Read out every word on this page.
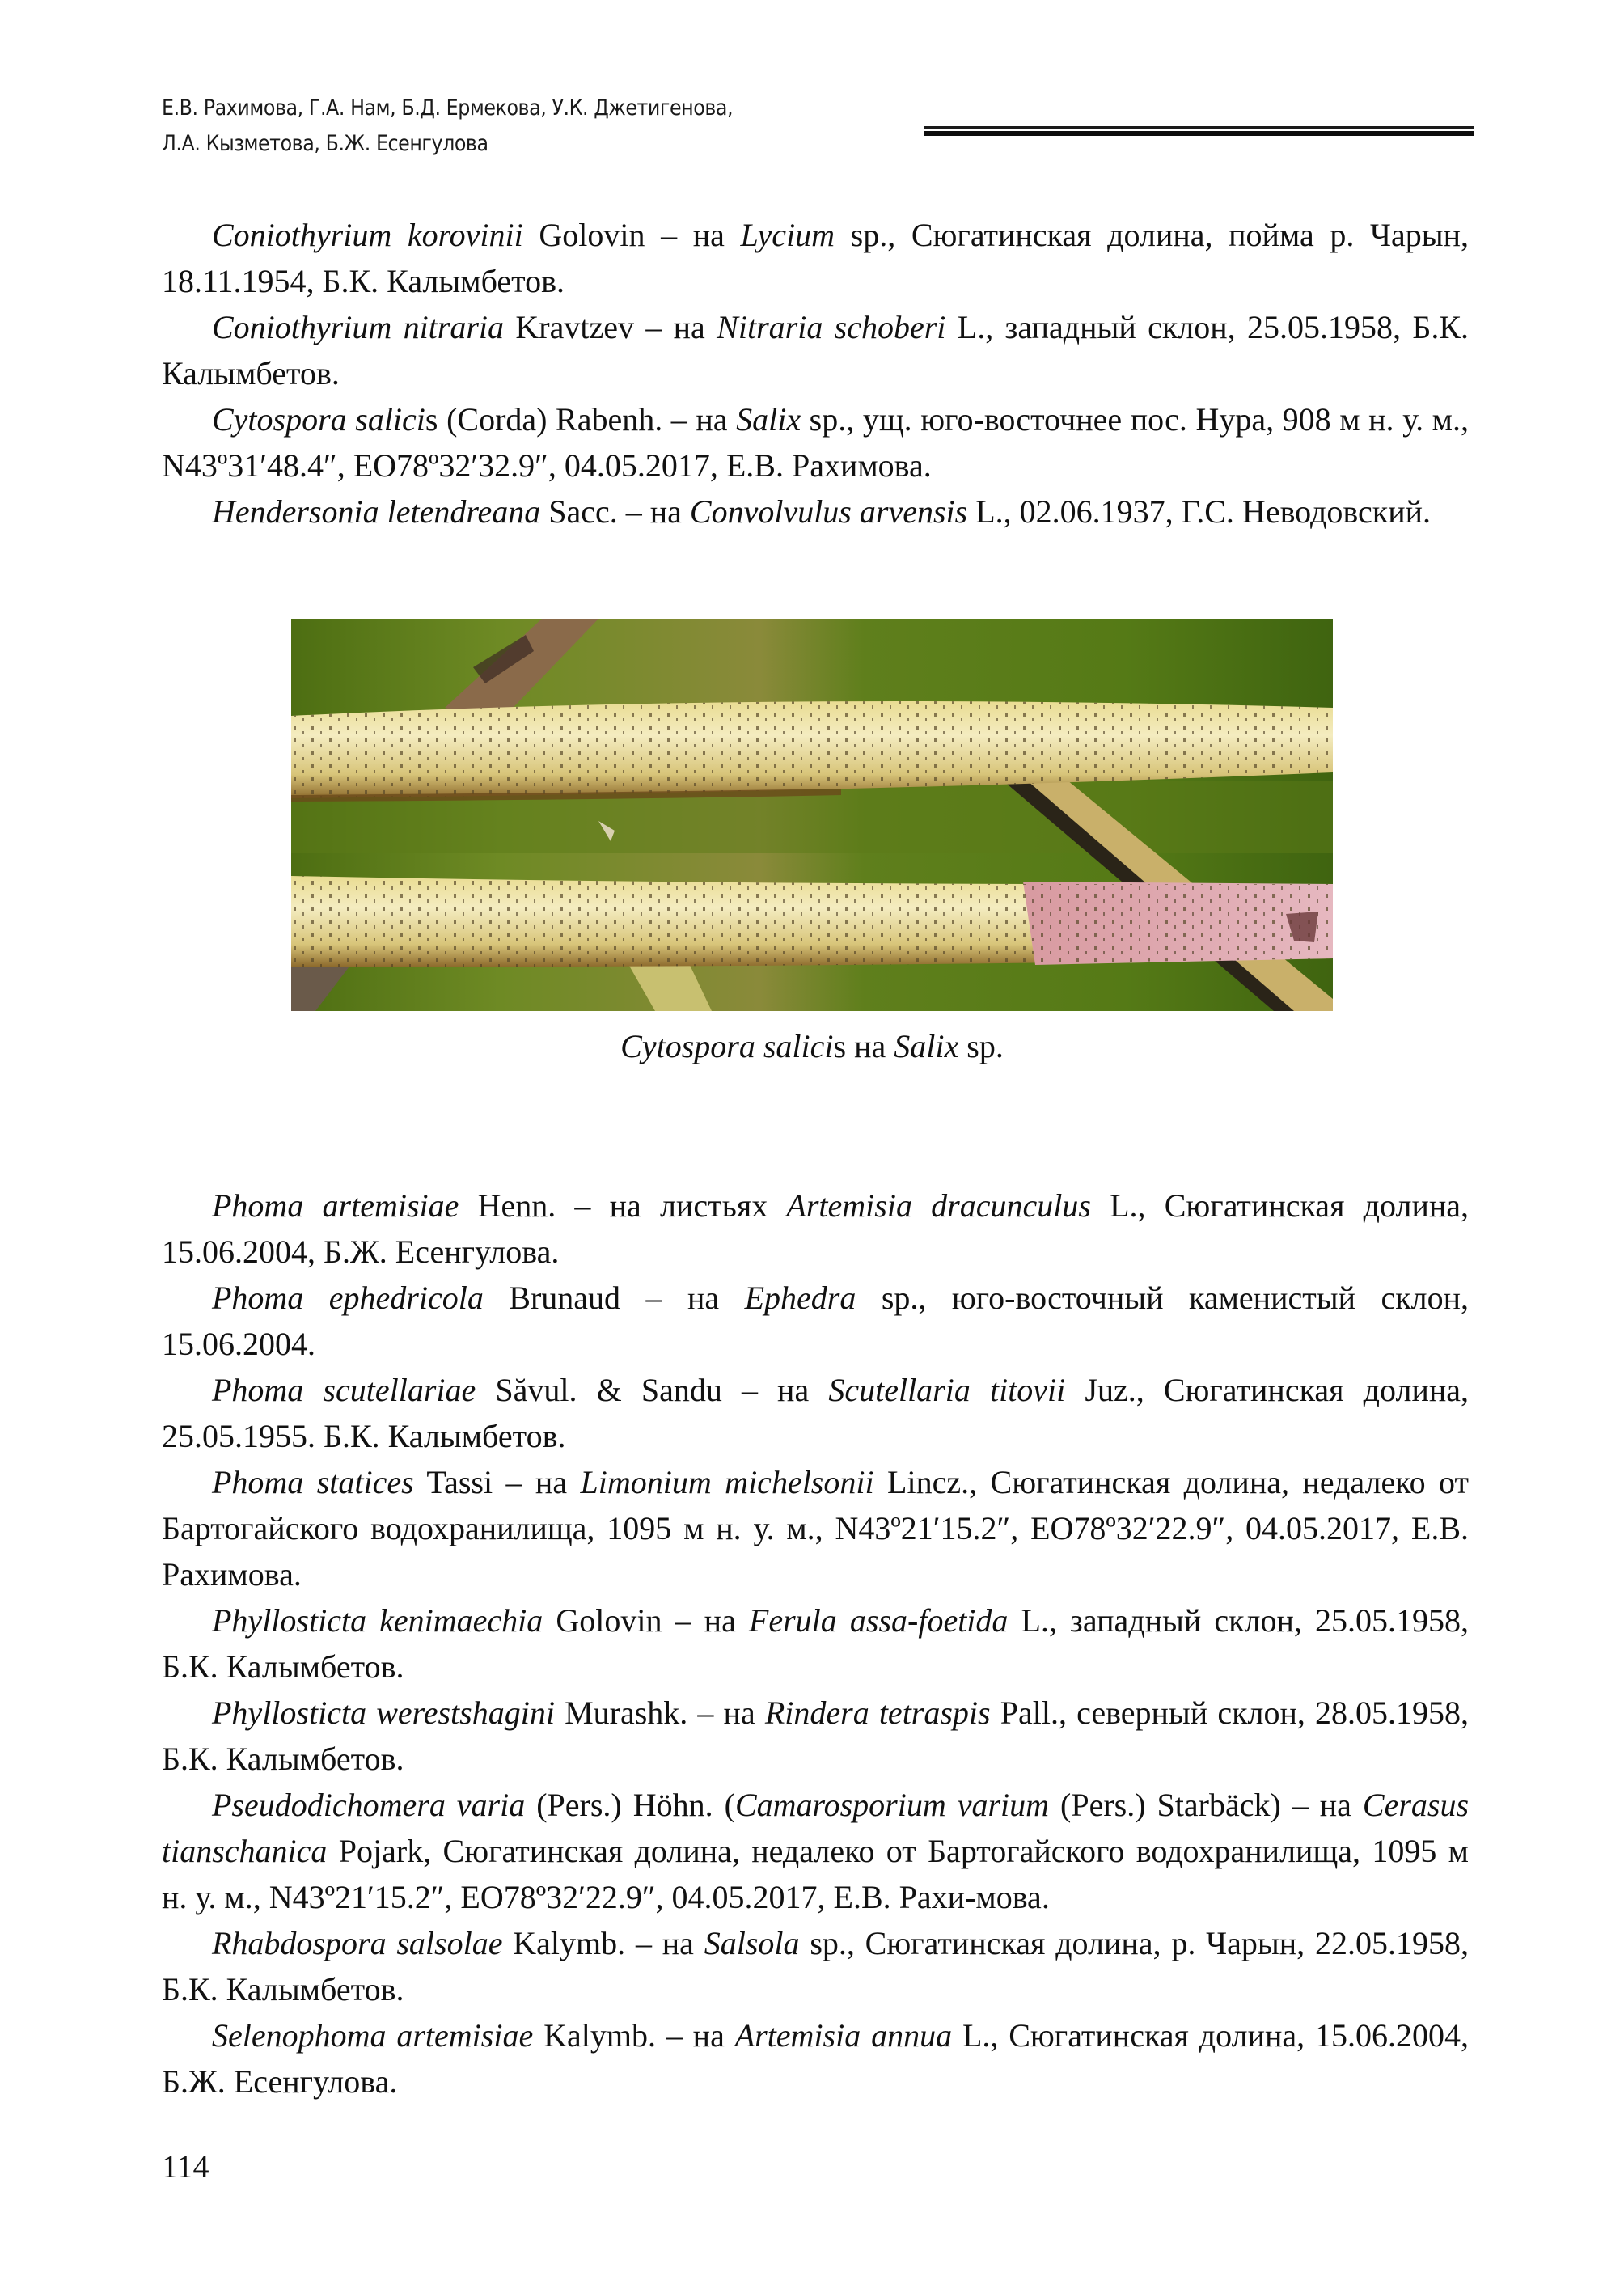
Е.В. Рахимова, Г.А. Нам, Б.Д. Ермекова, У.К. Джетигенова,
Л.А. Кызметова, Б.Ж. Есенгулова

Coniothyrium korovinii Golovin – на Lycium sp., Сюгатинская долина, пойма р. Чарын, 18.11.1954, Б.К. Калымбетов.

Coniothyrium nitraria Kravtzev – на Nitraria schoberi L., западный склон, 25.05.1958, Б.К. Калымбетов.

Cytospora salicis (Corda) Rabenh. – на Salix sp., ущ. юго-восточнее пос. Нура, 908 м н. у. м., N43º31′48.4″, EO78º32′32.9″, 04.05.2017, Е.В. Рахимова.

Hendersonia letendreana Sacc. – на Convolvulus arvensis L., 02.06.1937, Г.С. Неводовский.

Cytospora salicis на Salix sp.

Phoma artemisiae Henn. – на листьях Artemisia dracunculus L., Сюгатинская долина, 15.06.2004, Б.Ж. Есенгулова.

Phoma ephedricola Brunaud – на Ephedra sp., юго-восточный каменистый склон, 15.06.2004.

Phoma scutellariae Săvul. & Sandu – на Scutellaria titovii Juz., Сюгатинская долина, 25.05.1955. Б.К. Калымбетов.

Phoma statices Tassi – на Limonium michelsonii Lincz., Сюгатинская долина, недалеко от Бартогайского водохранилища, 1095 м н. у. м., N43º21′15.2″, EO78º32′22.9″, 04.05.2017, Е.В. Рахимова.

Phyllosticta kenimaechia Golovin – на Ferula assa-foetida L., западный склон, 25.05.1958, Б.К. Калымбетов.

Phyllosticta werestshagini Murashk. – на Rindera tetraspis Pall., северный склон, 28.05.1958, Б.К. Калымбетов.

Pseudodichomera varia (Pers.) Höhn. (Camarosporium varium (Pers.) Starbäck) – на Cerasus tianschanica Pojark, Сюгатинская долина, недалеко от Бартогайского водохранилища, 1095 м н. у. м., N43º21′15.2″, EO78º32′22.9″, 04.05.2017, Е.В. Рахи-мова.

Rhabdospora salsolae Kalymb. – на Salsola sp., Сюгатинская долина, р. Чарын, 22.05.1958, Б.К. Калымбетов.

Selenophoma artemisiae Kalymb. – на Artemisia annua L., Сюгатинская долина, 15.06.2004, Б.Ж. Есенгулова.

114
